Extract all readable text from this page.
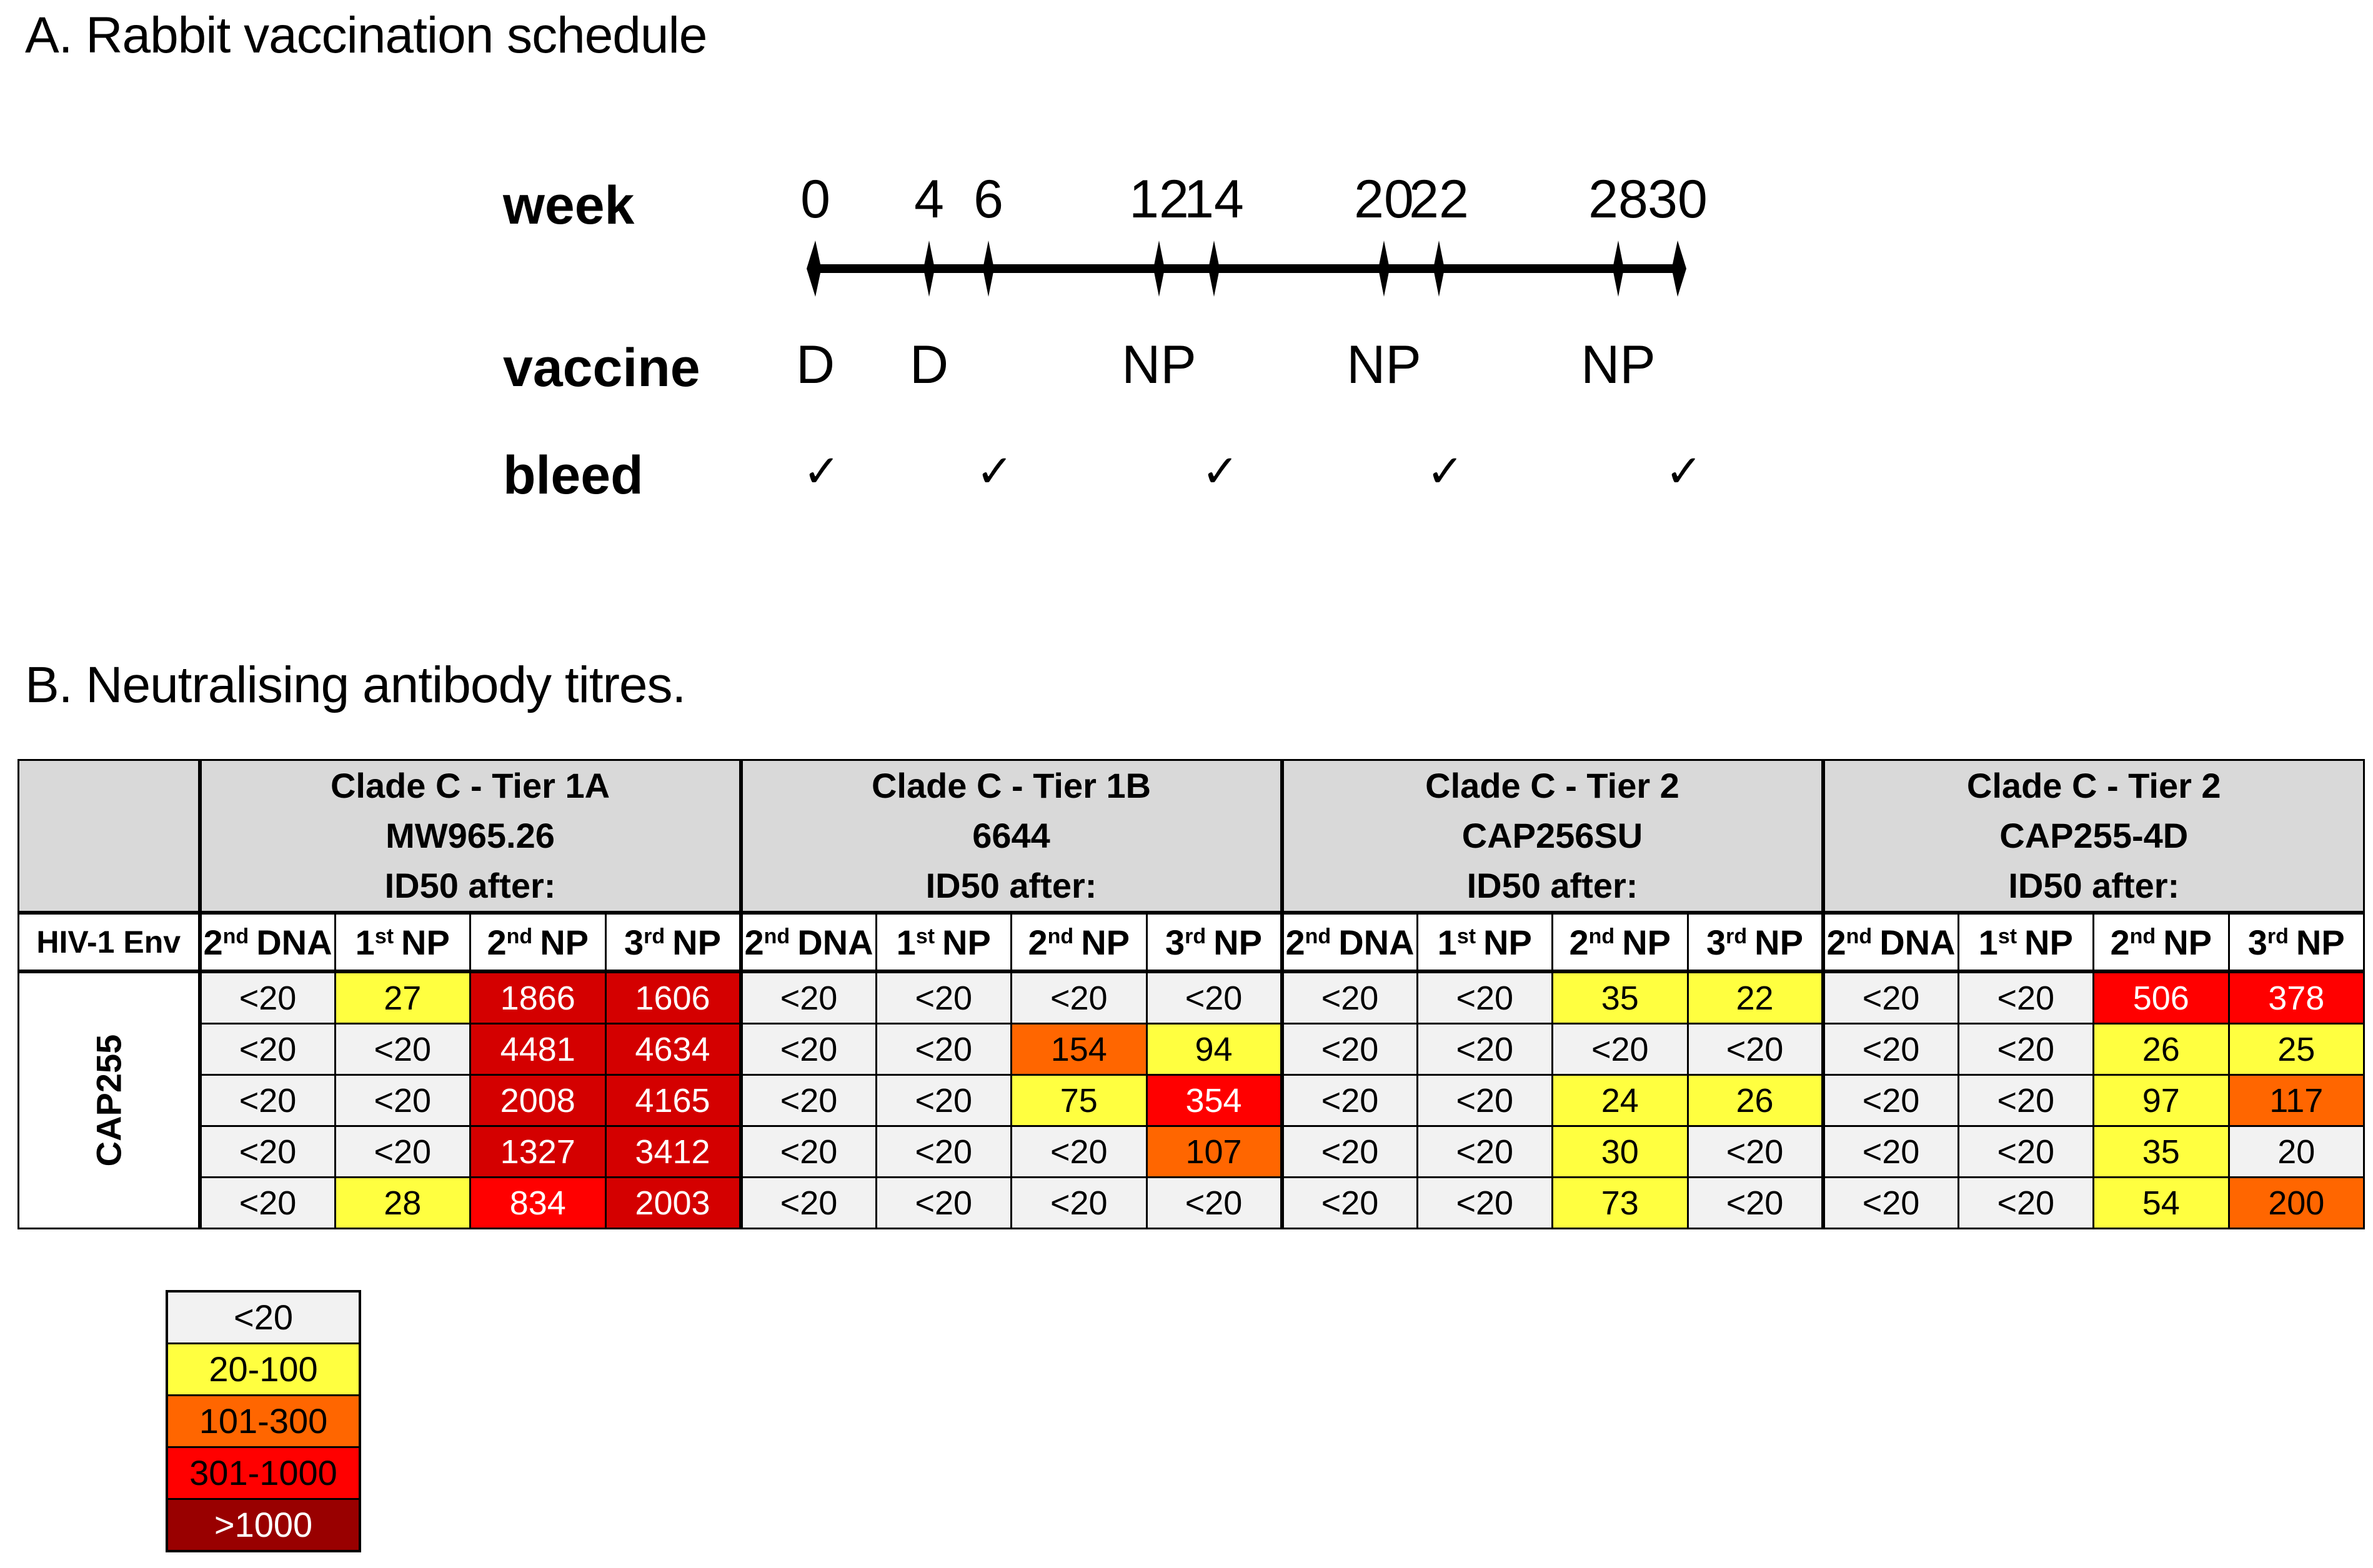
A. Rabbit vaccination schedule
week
vaccine
bleed
0 4 6 12
14 20
22 28 30
D D	NP	NP	NP
✓	✓	✓	✓	✓
B. Neutralising antibody titres.

Clade C - Tier 1A
MW965.26
ID50 after:

Clade C - Tier 1B
6644
ID50 after:

Clade C - Tier 2
CAP256SU
ID50 after:

Clade C - Tier 2
CAP255-4D
ID50 after:

HIV-1 Env	2nd DNA	1st NP	2nd NP	3rd NP	2nd DNA	1st NP	2nd NP	3rd NP	2nd DNA	1st NP	2nd NP	3rd NP	2nd DNA	1st NP	2nd NP	3rd NP
CAP255	<20	27	1866	1606	<20	<20	<20	<20	<20	<20	35	22	<20	<20	506	378
	<20	<20	4481	4634	<20	<20	154	94	<20	<20	<20	<20	<20	<20	26	25
	<20	<20	2008	4165	<20	<20	75	354	<20	<20	24	26	<20	<20	97	117
	<20	<20	1327	3412	<20	<20	<20	107	<20	<20	30	<20	<20	<20	35	20
	<20	28	834	2003	<20	<20	<20	<20	<20	<20	73	<20	<20	<20	54	200
<20
20-100
101-300
301-1000
>1000
